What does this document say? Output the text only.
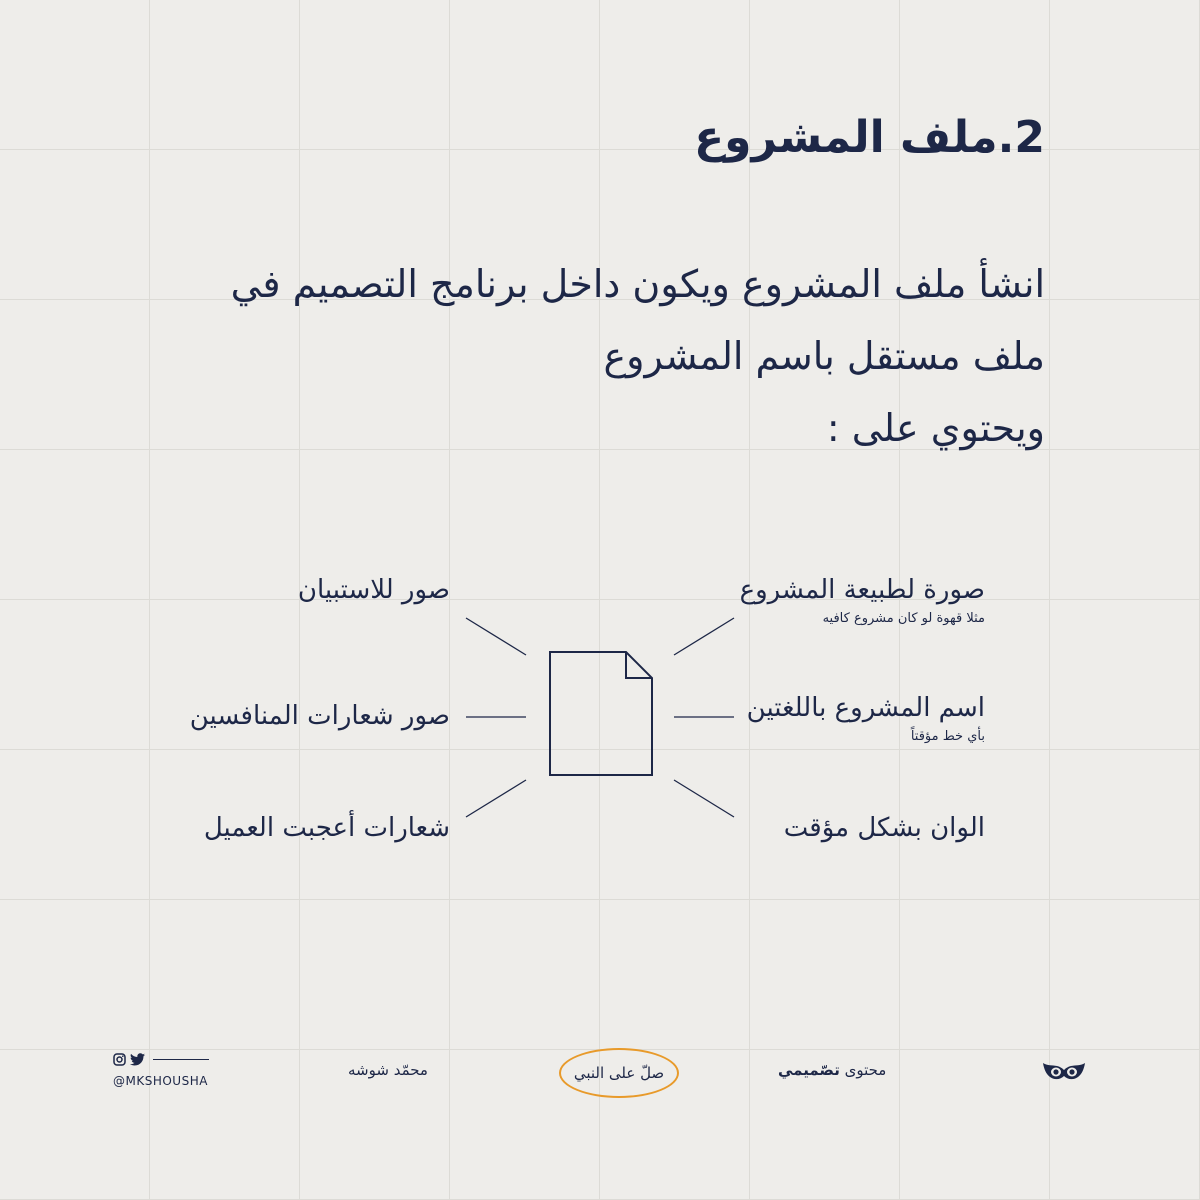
2.ملف المشروع
انشأ ملف المشروع ويكون داخل برنامج التصميم في
ملف مستقل باسم المشروع
ويحتوي على :
صورة لطبيعة المشروع
مثلا قهوة لو كان مشروع كافيه
اسم المشروع باللغتين
بأي خط مؤقتاً
الوان بشكل مؤقت
صور للاستبيان
صور شعارات المنافسين
شعارات أعجبت العميل
@MKSHOUSHA
محمّد شوشه	صلّ على النبي	محتوى تصّميمي
